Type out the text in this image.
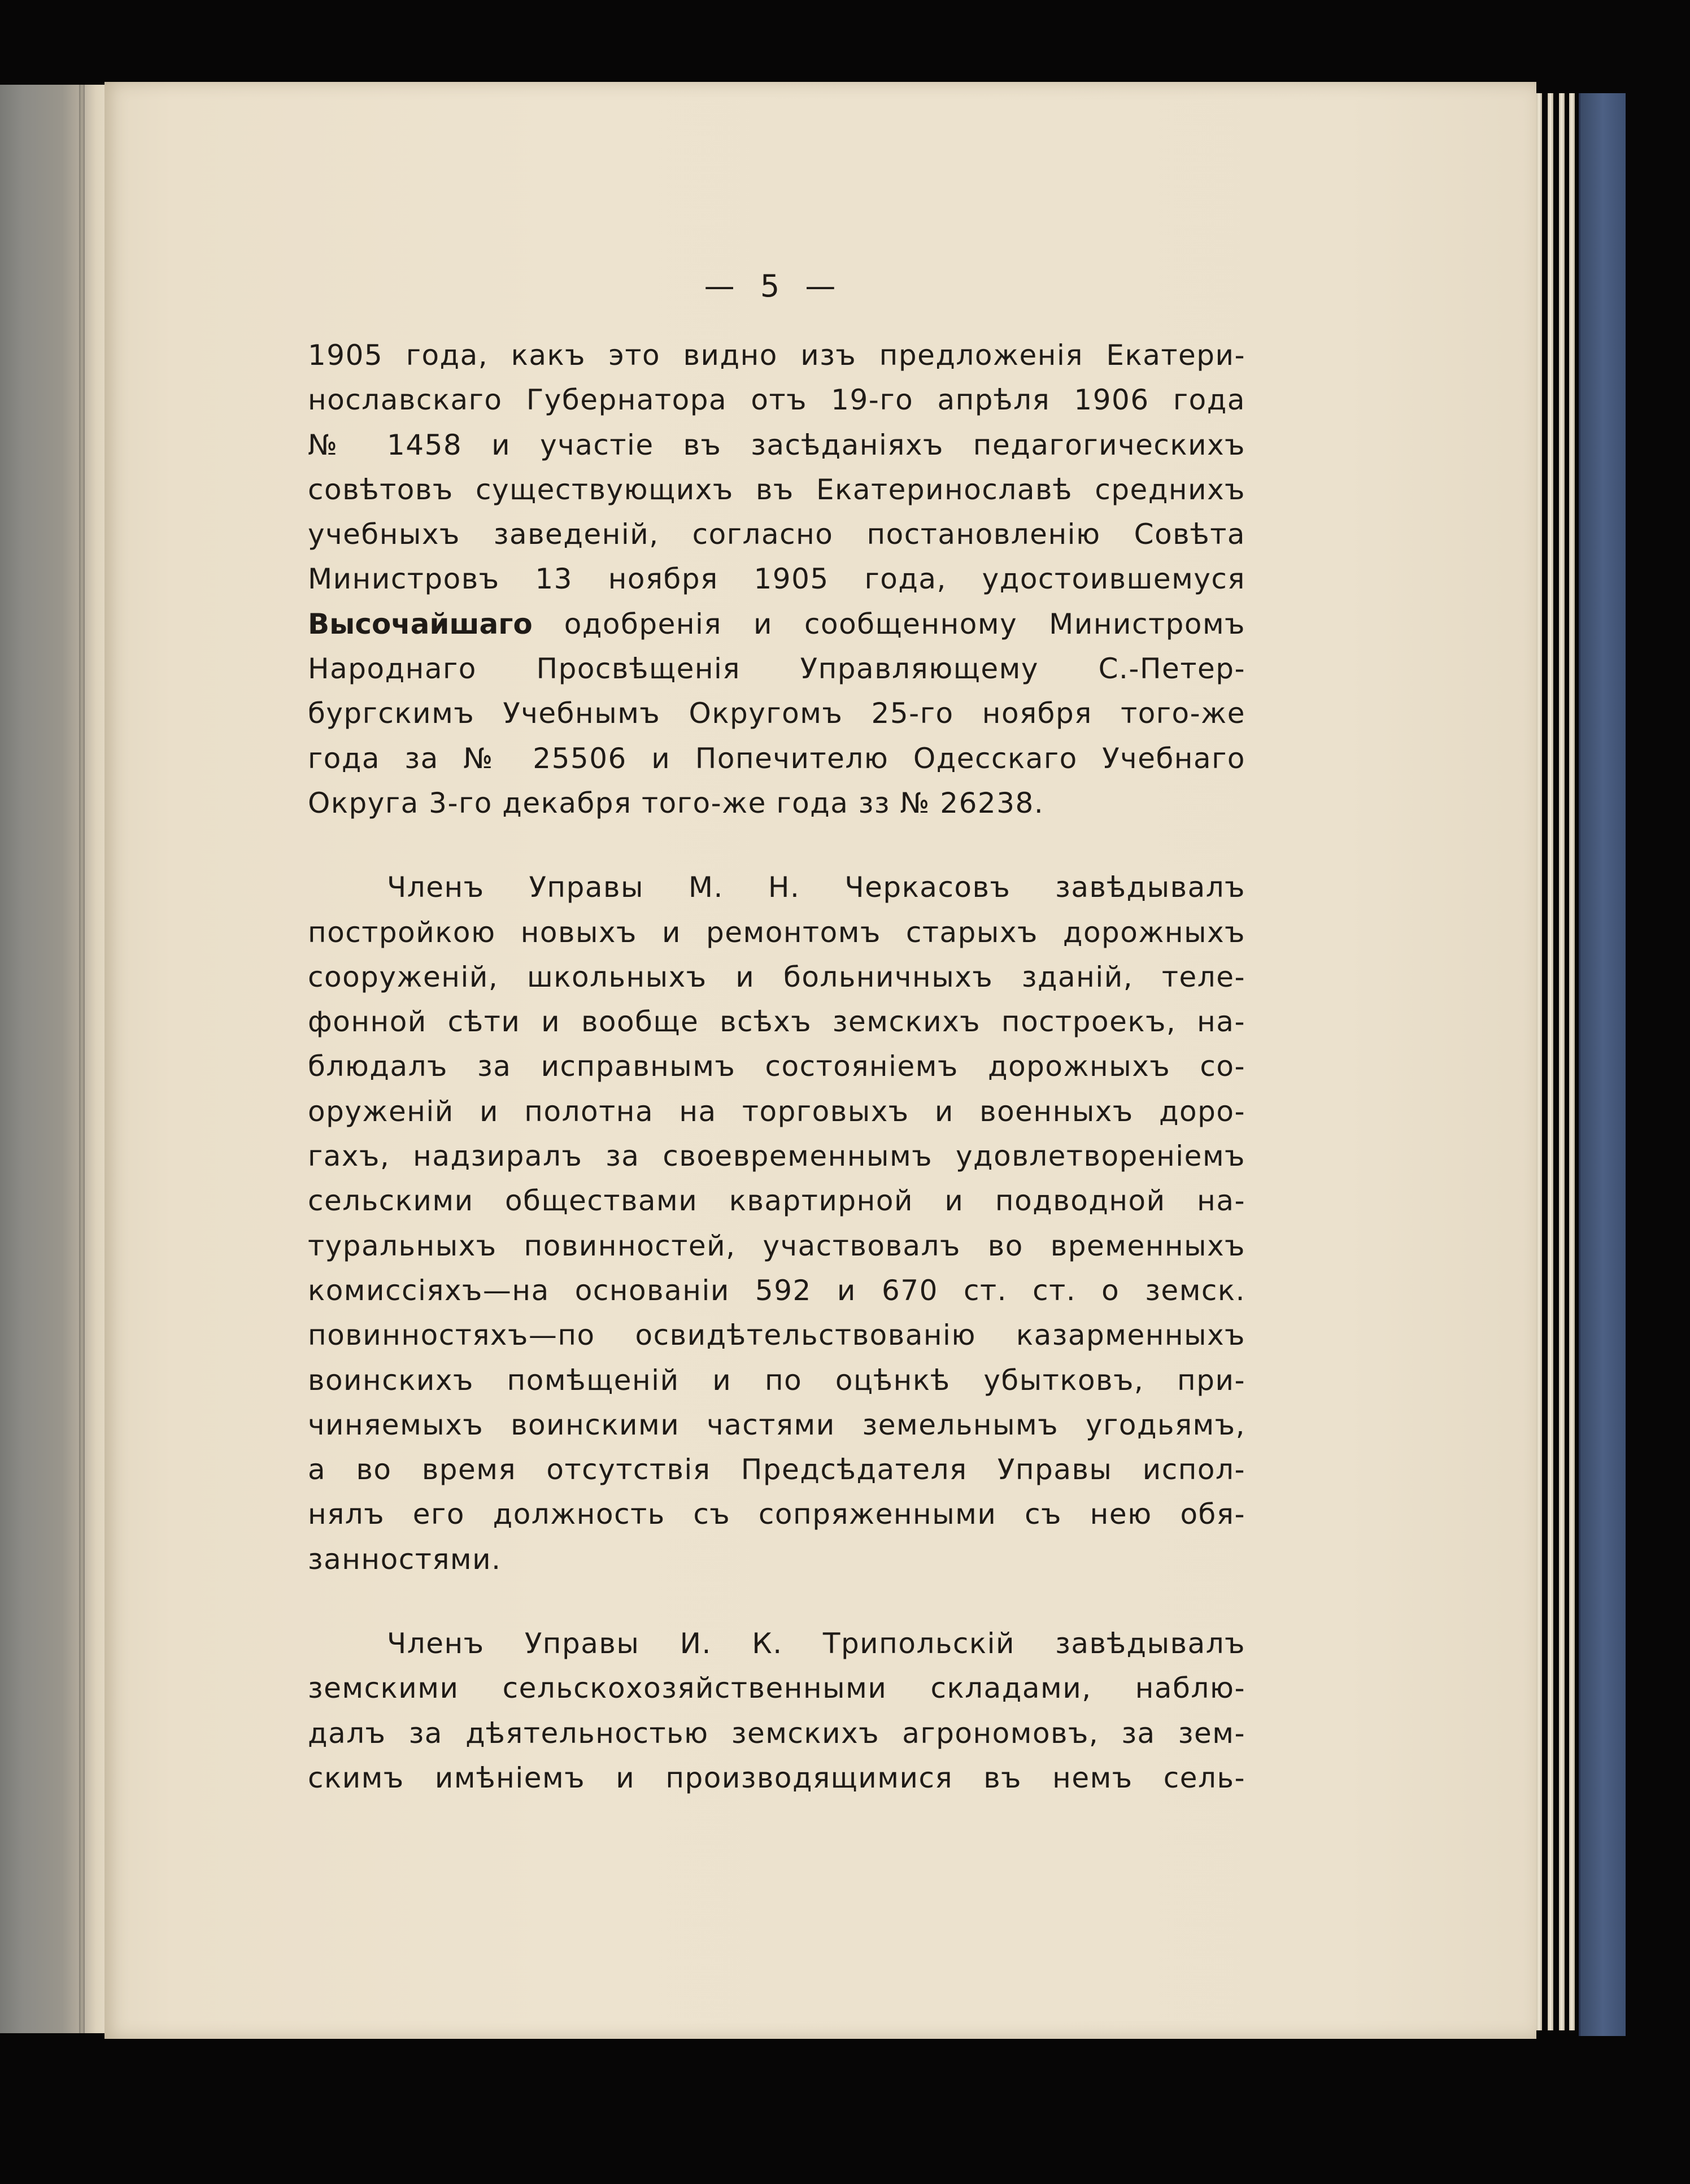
— 5 —
1905 года, какъ это видно изъ предложенія Екатери-
нославскаго Губернатора отъ 19-го апрѣля 1906 года
№ 1458 и участіе въ засѣданіяхъ педагогическихъ
совѣтовъ существующихъ въ Екатеринославѣ среднихъ
учебныхъ заведеній, согласно постановленію Совѣта
Министровъ 13 ноября 1905 года, удостоившемуся
Высочайшаго одобренія и сообщенному Министромъ
Народнаго Просвѣщенія Управляющему С.-Петер-
бургскимъ Учебнымъ Округомъ 25-го ноября того-же
года за № 25506 и Попечителю Одесскаго Учебнаго
Округа 3-го декабря того-же года зз № 26238.
Членъ Управы М. Н. Черкасовъ завѣдывалъ
постройкою новыхъ и ремонтомъ старыхъ дорожныхъ
сооруженій, школьныхъ и больничныхъ зданій, теле-
фонной сѣти и вообще всѣхъ земскихъ построекъ, на-
блюдалъ за исправнымъ состояніемъ дорожныхъ со-
оруженій и полотна на торговыхъ и военныхъ доро-
гахъ, надзиралъ за своевременнымъ удовлетвореніемъ
сельскими обществами квартирной и подводной на-
туральныхъ повинностей, участвовалъ во временныхъ
комиссіяхъ—на основаніи 592 и 670 ст. ст. о земск.
повинностяхъ—по освидѣтельствованію казарменныхъ
воинскихъ помѣщеній и по оцѣнкѣ убытковъ, при-
чиняемыхъ воинскими частями земельнымъ угодьямъ,
а во время отсутствія Предсѣдателя Управы испол-
нялъ его должность съ сопряженными съ нею обя-
занностями.
Членъ Управы И. К. Трипольскій завѣдывалъ
земскими сельскохозяйственными складами, наблю-
далъ за дѣятельностью земскихъ агрономовъ, за зем-
скимъ имѣніемъ и производящимися въ немъ сель-
